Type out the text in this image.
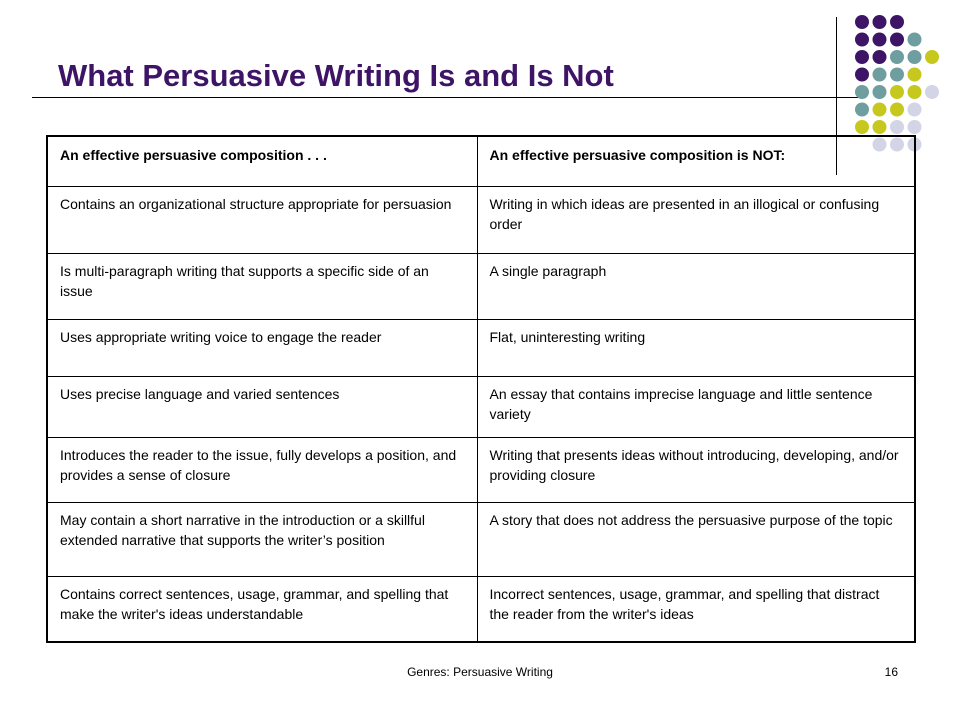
What Persuasive Writing Is and Is Not
An effective persuasive composition . . .	An effective persuasive composition is NOT:
Contains an organizational structure appropriate for persuasion	Writing in which ideas are presented in an illogical or confusing order
Is multi-paragraph writing that supports a specific side of an issue	A single paragraph
Uses appropriate writing voice to engage the reader	Flat, uninteresting writing
Uses precise language and varied sentences	An essay that contains imprecise language and little sentence variety
Introduces the reader to the issue, fully develops a position, and provides a sense of closure	Writing that presents ideas without introducing, developing, and/or providing closure
May contain a short narrative in the introduction or a skillful extended narrative that supports the writer’s position	A story that does not address the persuasive purpose of the topic
Contains correct sentences, usage, grammar, and spelling that make the writer's ideas understandable	Incorrect sentences, usage, grammar, and spelling that distract the reader from the writer's ideas
Genres: Persuasive Writing	16
